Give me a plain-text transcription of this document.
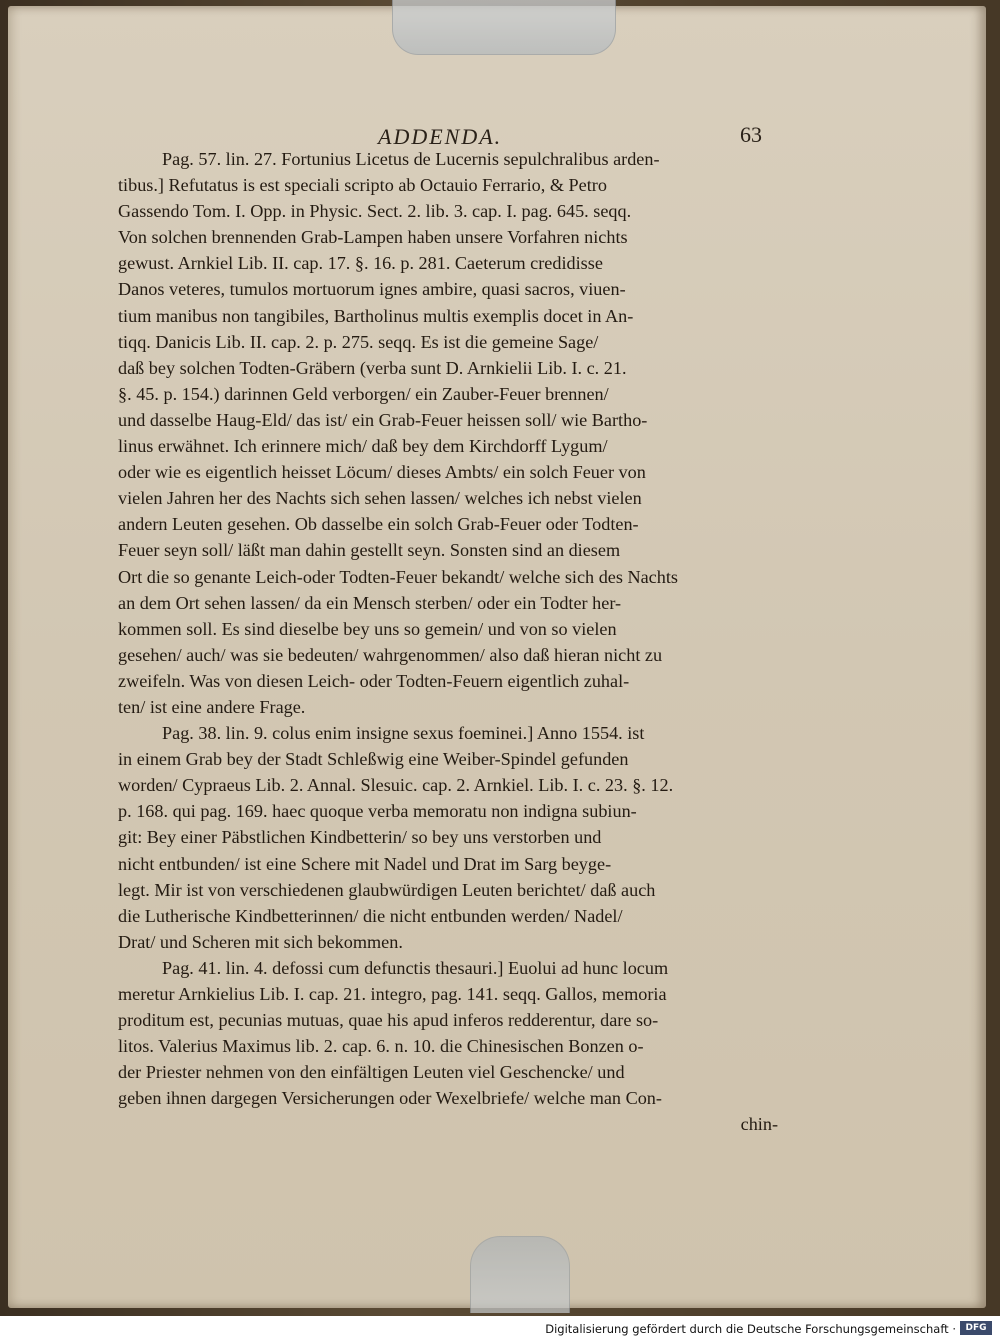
ADDENDA.	63
Pag. 57. lin. 27. Fortunius Licetus de Lucernis sepulchralibus arden-
tibus.] Refutatus is est speciali scripto ab Octauio Ferrario, & Petro
Gassendo Tom. I. Opp. in Physic. Sect. 2. lib. 3. cap. I. pag. 645. seqq.
Von solchen brennenden Grab-Lampen haben unsere Vorfahren nichts
gewust. Arnkiel Lib. II. cap. 17. §. 16. p. 281. Caeterum credidisse
Danos veteres, tumulos mortuorum ignes ambire, quasi sacros, viuen-
tium manibus non tangibiles, Bartholinus multis exemplis docet in An-
tiqq. Danicis Lib. II. cap. 2. p. 275. seqq. Es ist die gemeine Sage/
daß bey solchen Todten-Gräbern (verba sunt D. Arnkielii Lib. I. c. 21.
§. 45. p. 154.) darinnen Geld verborgen/ ein Zauber-Feuer brennen/
und dasselbe Haug-Eld/ das ist/ ein Grab-Feuer heissen soll/ wie Bartho-
linus erwähnet. Ich erinnere mich/ daß bey dem Kirchdorff Lygum/
oder wie es eigentlich heisset Löcum/ dieses Ambts/ ein solch Feuer von
vielen Jahren her des Nachts sich sehen lassen/ welches ich nebst vielen
andern Leuten gesehen. Ob dasselbe ein solch Grab-Feuer oder Todten-
Feuer seyn soll/ läßt man dahin gestellt seyn. Sonsten sind an diesem
Ort die so genante Leich-oder Todten-Feuer bekandt/ welche sich des Nachts
an dem Ort sehen lassen/ da ein Mensch sterben/ oder ein Todter her-
kommen soll. Es sind dieselbe bey uns so gemein/ und von so vielen
gesehen/ auch/ was sie bedeuten/ wahrgenommen/ also daß hieran nicht zu
zweifeln. Was von diesen Leich- oder Todten-Feuern eigentlich zuhal-
ten/ ist eine andere Frage.
Pag. 38. lin. 9. colus enim insigne sexus foeminei.] Anno 1554. ist
in einem Grab bey der Stadt Schleßwig eine Weiber-Spindel gefunden
worden/ Cypraeus Lib. 2. Annal. Slesuic. cap. 2. Arnkiel. Lib. I. c. 23. §. 12.
p. 168. qui pag. 169. haec quoque verba memoratu non indigna subiun-
git: Bey einer Päbstlichen Kindbetterin/ so bey uns verstorben und
nicht entbunden/ ist eine Schere mit Nadel und Drat im Sarg beyge-
legt. Mir ist von verschiedenen glaubwürdigen Leuten berichtet/ daß auch
die Lutherische Kindbetterinnen/ die nicht entbunden werden/ Nadel/
Drat/ und Scheren mit sich bekommen.
Pag. 41. lin. 4. defossi cum defunctis thesauri.] Euolui ad hunc locum
meretur Arnkielius Lib. I. cap. 21. integro, pag. 141. seqq. Gallos, memoria
proditum est, pecunias mutuas, quae his apud inferos redderentur, dare so-
litos. Valerius Maximus lib. 2. cap. 6. n. 10. die Chinesischen Bonzen o-
der Priester nehmen von den einfältigen Leuten viel Geschencke/ und
geben ihnen dargegen Versicherungen oder Wexelbriefe/ welche man Con-
chin-
Digitalisierung gefördert durch die Deutsche Forschungsgemeinschaft ·	DFG
